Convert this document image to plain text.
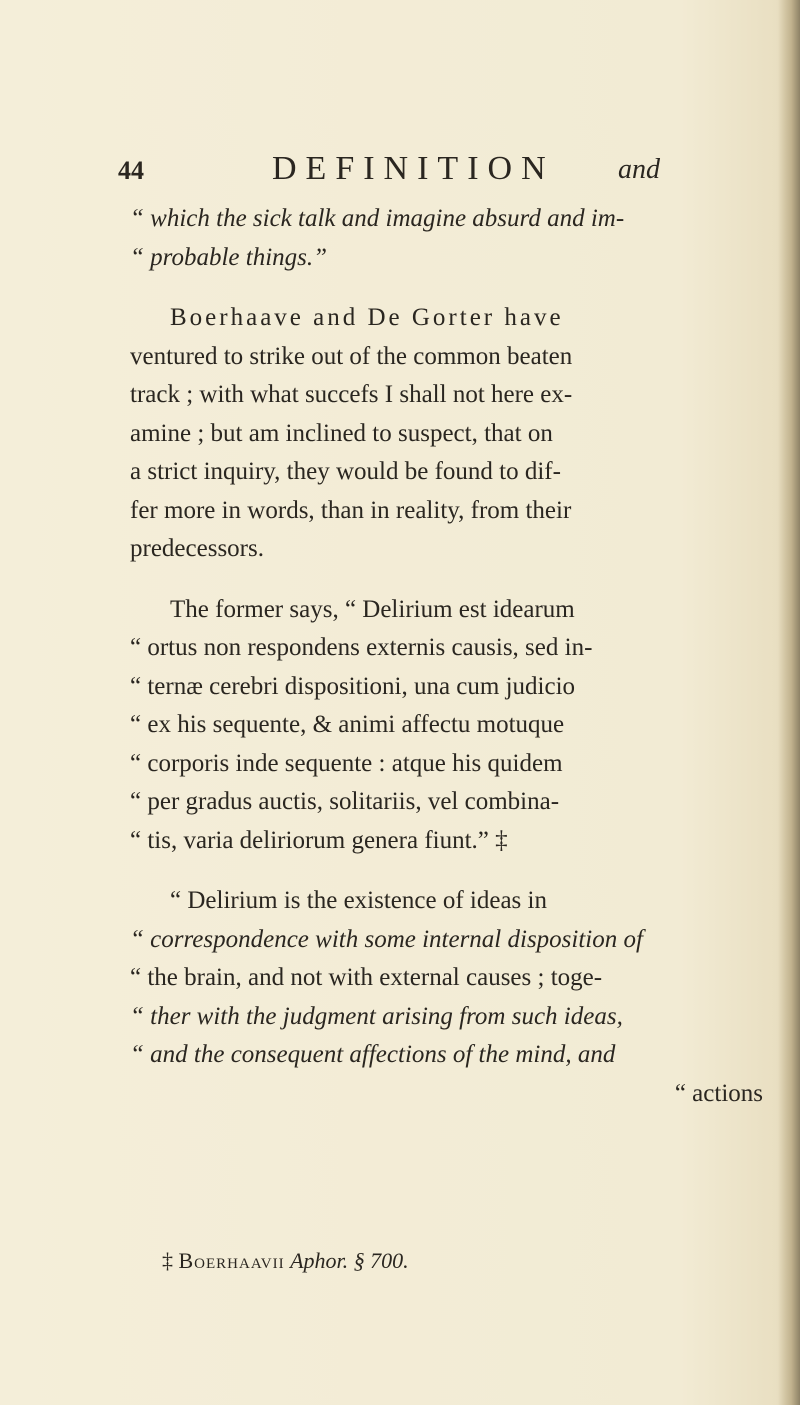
44	DEFINITION and
“ which the sick talk and imagine absurd and im-
“ probable things.”
Boerhaave and De Gorter have
ventured to strike out of the common beaten
track ; with what succefs I shall not here ex-
amine ; but am inclined to suspect, that on
a strict inquiry, they would be found to dif-
fer more in words, than in reality, from their
predecessors.
The former says, “ Delirium est idearum
“ ortus non respondens externis causis, sed in-
“ ternæ cerebri dispositioni, una cum judicio
“ ex his sequente, & animi affectu motuque
“ corporis inde sequente : atque his quidem
“ per gradus auctis, solitariis, vel combina-
“ tis, varia deliriorum genera fiunt.” ‡
“ Delirium is the existence of ideas in
“ correspondence with some internal disposition of
“ the brain, and not with external causes ; toge-
“ ther with the judgment arising from such ideas,
“ and the consequent affections of the mind, and
“ actions
‡ Boerhaavii Aphor. § 700.
